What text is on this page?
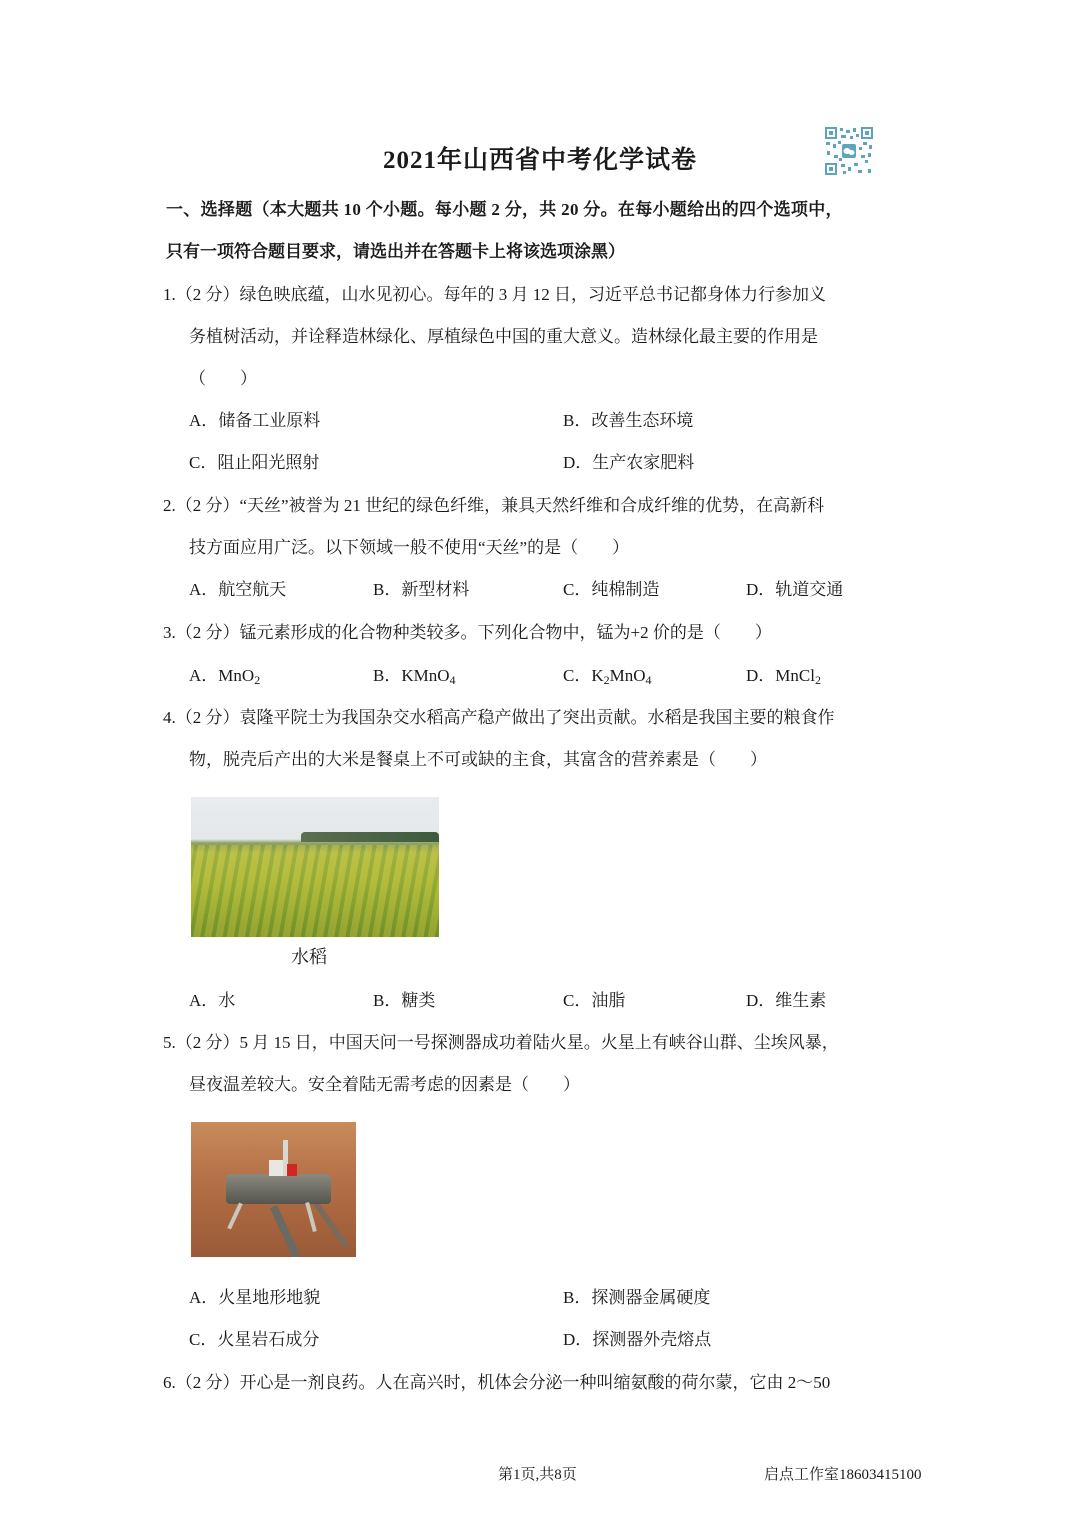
2021年山西省中考化学试卷
一、选择题（本大题共 10 个小题。每小题 2 分，共 20 分。在每小题给出的四个选项中，
只有一项符合题目要求，请选出并在答题卡上将该选项涂黑）
1.（2 分）绿色映底蕴，山水见初心。每年的 3 月 12 日，习近平总书记都身体力行参加义
务植树活动，并诠释造林绿化、厚植绿色中国的重大意义。造林绿化最主要的作用是
（　　）
A．储备工业原料	B．改善生态环境
C．阻止阳光照射	D．生产农家肥料
2.（2 分）“天丝”被誉为 21 世纪的绿色纤维，兼具天然纤维和合成纤维的优势，在高新科
技方面应用广泛。以下领域一般不使用“天丝”的是（　　）
A．航空航天	B．新型材料	C．纯棉制造	D．轨道交通
3.（2 分）锰元素形成的化合物种类较多。下列化合物中，锰为+2 价的是（　　）
A．MnO$_2$	B．KMnO$_4$	C．$K_2MnO_4$	D．MnCl$_2$
4.（2 分）袁隆平院士为我国杂交水稻高产稳产做出了突出贡献。水稻是我国主要的粮食作
物，脱壳后产出的大米是餐桌上不可或缺的主食，其富含的营养素是（　　）
水稻
A．水	B．糖类	C．油脂	D．维生素
5.（2 分）5 月 15 日，中国天问一号探测器成功着陆火星。火星上有峡谷山群、尘埃风暴，
昼夜温差较大。安全着陆无需考虑的因素是（　　）
A．火星地形地貌	B．探测器金属硬度
C．火星岩石成分	D．探测器外壳熔点
6.（2 分）开心是一剂良药。人在高兴时，机体会分泌一种叫缩氨酸的荷尔蒙，它由 2～50
第1页,共8页	启点工作室18603415100
